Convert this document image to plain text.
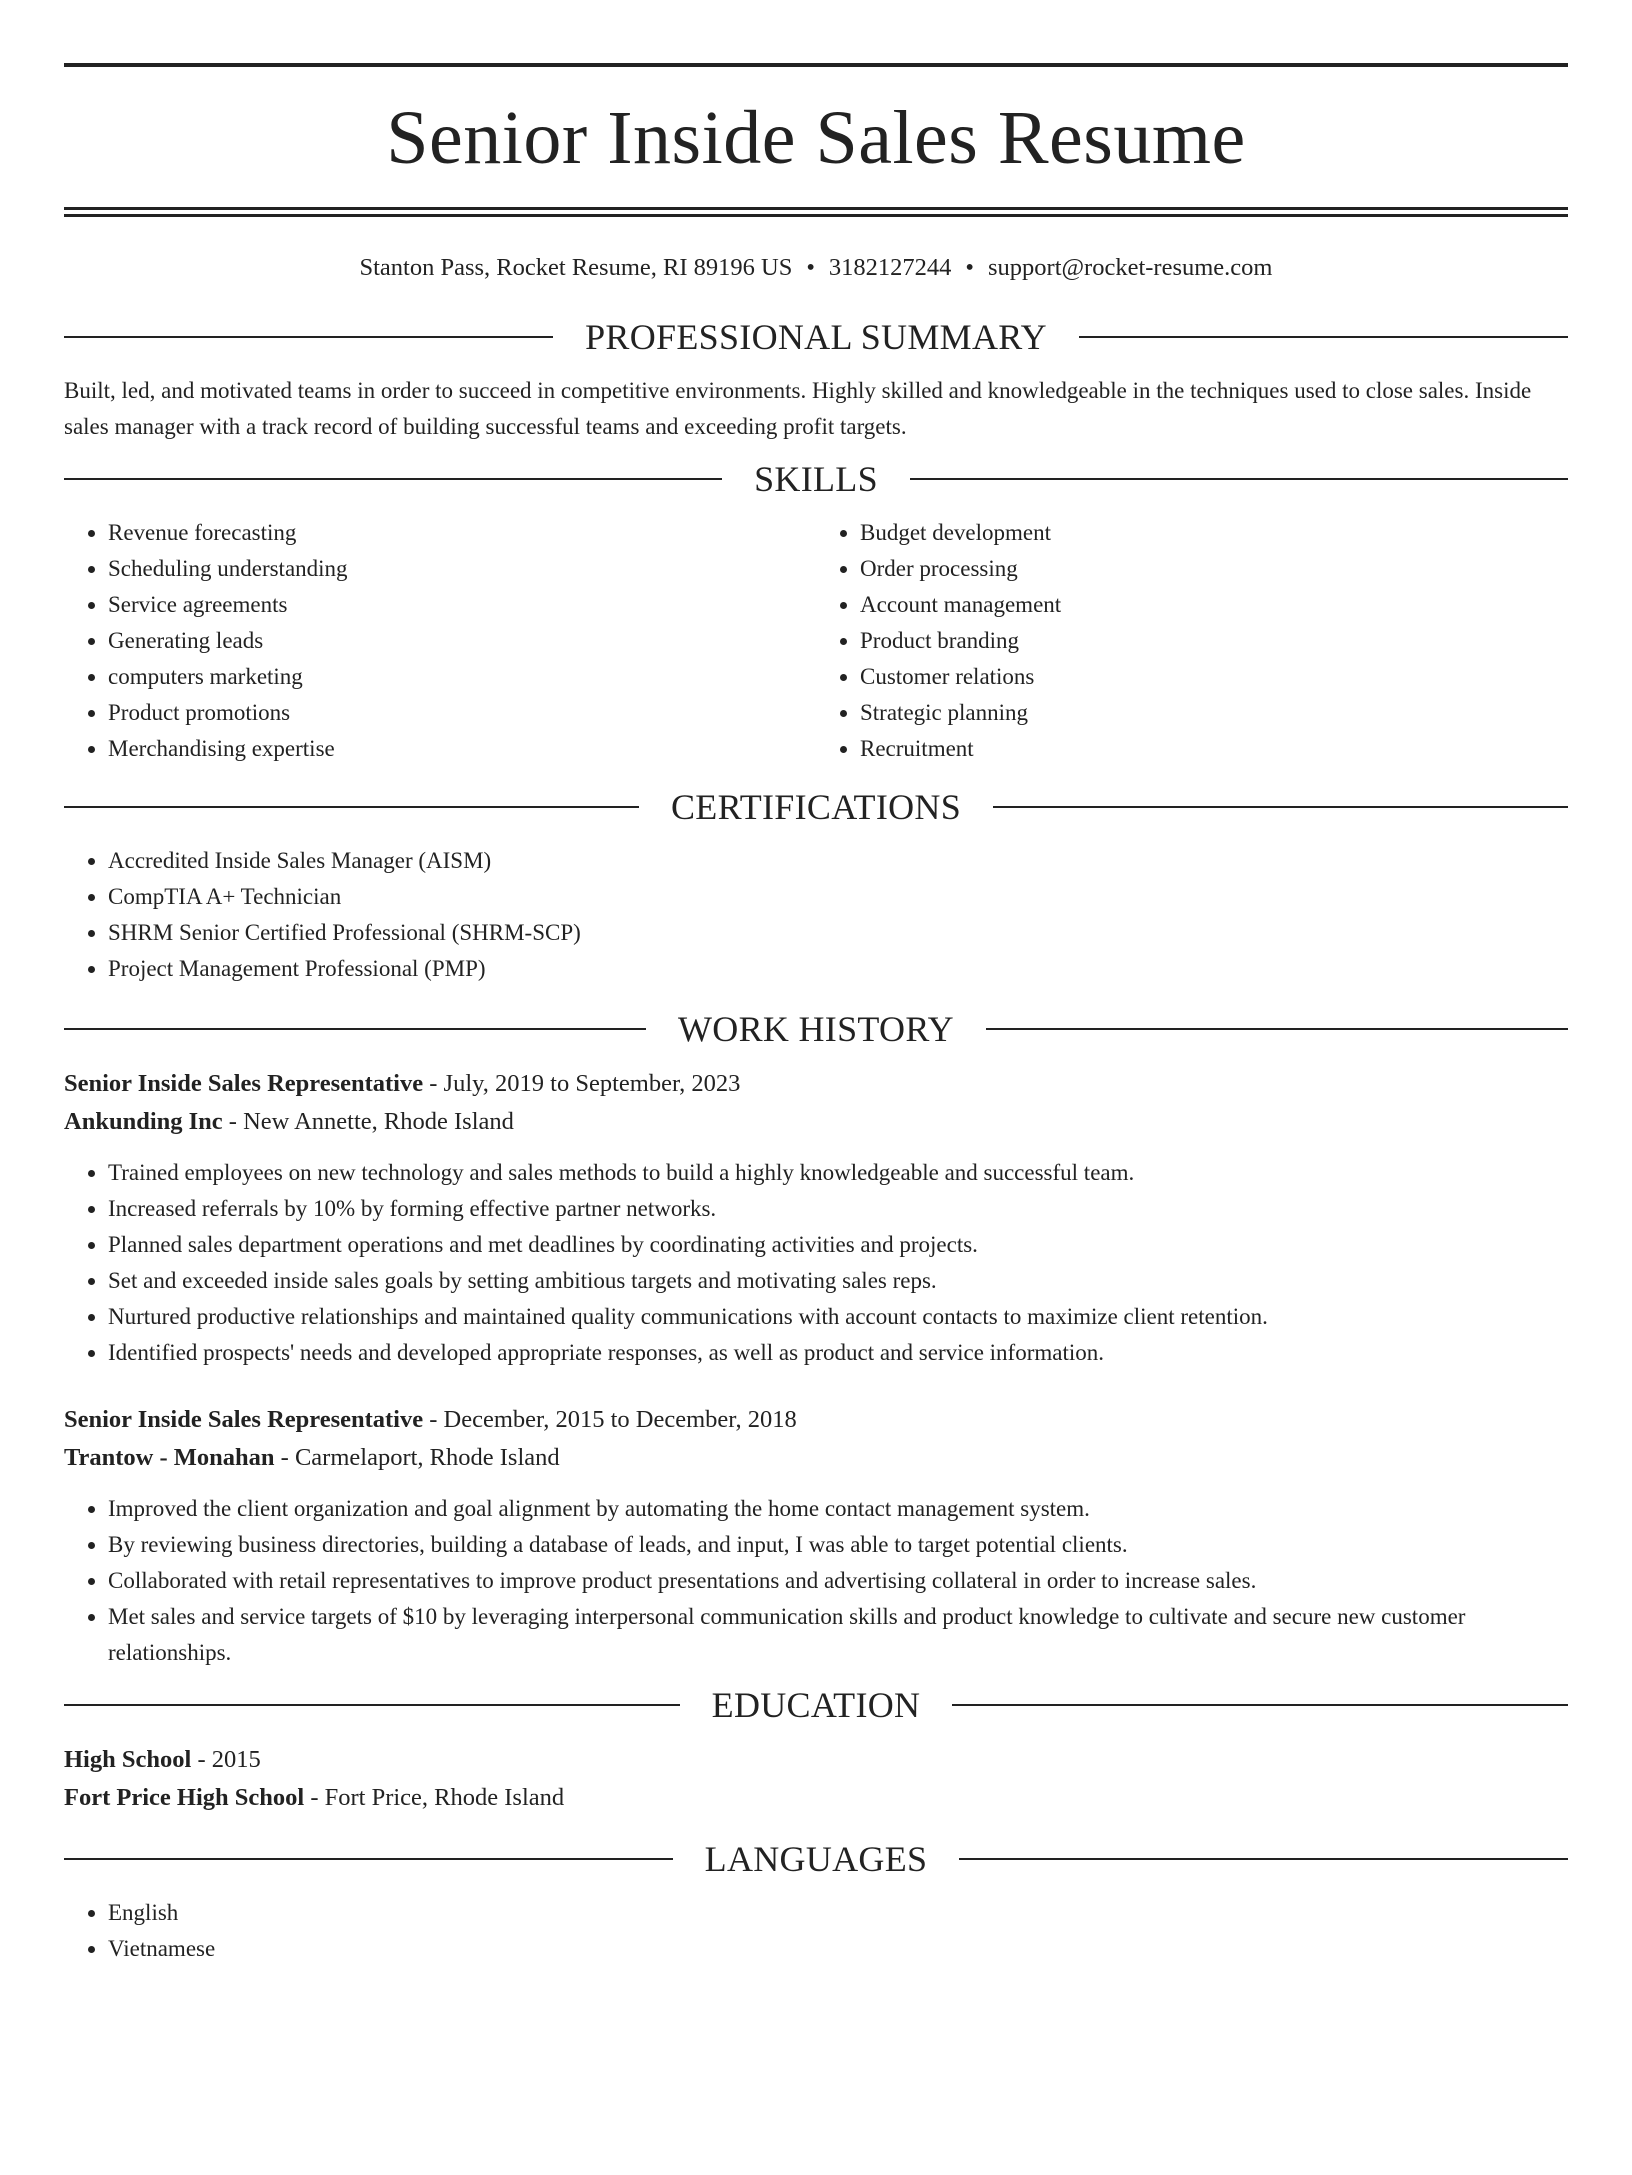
Senior Inside Sales Resume
Stanton Pass, Rocket Resume, RI 89196 US • 3182127244 • support@rocket-resume.com
PROFESSIONAL SUMMARY

Built, led, and motivated teams in order to succeed in competitive environments. Highly skilled and knowledgeable in the techniques used to close sales. Inside sales manager with a track record of building successful teams and exceeding profit targets.

SKILLS
• Revenue forecasting
• Scheduling understanding
• Service agreements
• Generating leads
• computers marketing
• Product promotions
• Merchandising expertise
• Budget development
• Order processing
• Account management
• Product branding
• Customer relations
• Strategic planning
• Recruitment
CERTIFICATIONS
• Accredited Inside Sales Manager (AISM)
• CompTIA A+ Technician
• SHRM Senior Certified Professional (SHRM-SCP)
• Project Management Professional (PMP)
WORK HISTORY

Senior Inside Sales Representative - July, 2019 to September, 2023

Ankunding Inc - New Annette, Rhode Island

• Trained employees on new technology and sales methods to build a highly knowledgeable and successful team.
• Increased referrals by 10% by forming effective partner networks.
• Planned sales department operations and met deadlines by coordinating activities and projects.
• Set and exceeded inside sales goals by setting ambitious targets and motivating sales reps.
• Nurtured productive relationships and maintained quality communications with account contacts to maximize client retention.
• Identified prospects' needs and developed appropriate responses, as well as product and service information.

Senior Inside Sales Representative - December, 2015 to December, 2018

Trantow - Monahan - Carmelaport, Rhode Island

• Improved the client organization and goal alignment by automating the home contact management system.
• By reviewing business directories, building a database of leads, and input, I was able to target potential clients.
• Collaborated with retail representatives to improve product presentations and advertising collateral in order to increase sales.
• Met sales and service targets of $10 by leveraging interpersonal communication skills and product knowledge to cultivate and secure new customer relationships.
EDUCATION

High School - 2015

Fort Price High School - Fort Price, Rhode Island

LANGUAGES
• English
• Vietnamese
